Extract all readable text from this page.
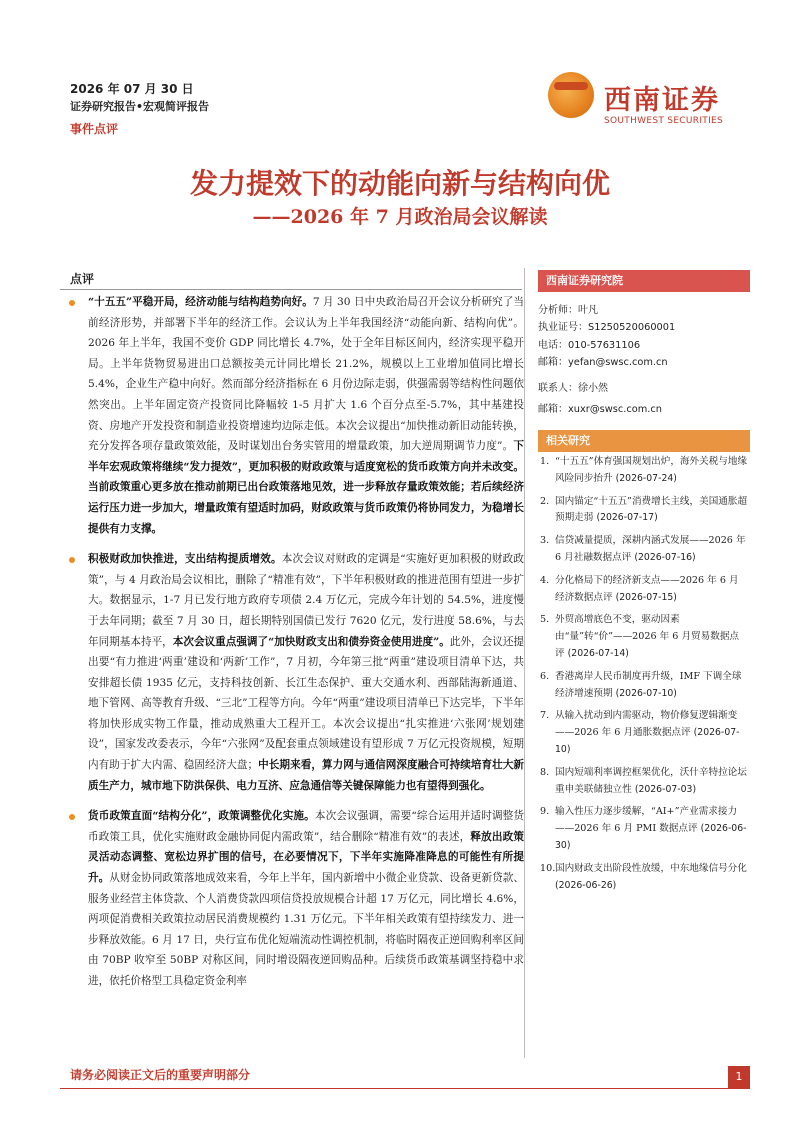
2026 年 07 月 30 日
证券研究报告•宏观简评报告
事件点评
西南证券
SOUTHWEST SECURITIES
发力提效下的动能向新与结构向优
——2026 年 7 月政治局会议解读
点评
“十五五”平稳开局，经济动能与结构趋势向好。7 月 30 日中央政治局召开会议分析研究了当前经济形势，并部署下半年的经济工作。会议认为上半年我国经济“动能向新、结构向优”。2026 年上半年，我国不变价 GDP 同比增长 4.7%，处于全年目标区间内，经济实现平稳开局。上半年货物贸易进出口总额按美元计同比增长 21.2%，规模以上工业增加值同比增长 5.4%，企业生产稳中向好。然而部分经济指标在 6 月份边际走弱，供强需弱等结构性问题依然突出。上半年固定资产投资同比降幅较 1-5 月扩大 1.6 个百分点至-5.7%，其中基建投资、房地产开发投资和制造业投资增速均边际走低。本次会议提出“加快推动新旧动能转换，充分发挥各项存量政策效能，及时谋划出台务实管用的增量政策，加大逆周期调节力度”。下半年宏观政策将继续“发力提效”，更加积极的财政政策与适度宽松的货币政策方向并未改变。当前政策重心更多放在推动前期已出台政策落地见效，进一步释放存量政策效能；若后续经济运行压力进一步加大，增量政策有望适时加码，财政政策与货币政策仍将协同发力，为稳增长提供有力支撑。
积极财政加快推进，支出结构提质增效。本次会议对财政的定调是“实施好更加积极的财政政策”，与 4 月政治局会议相比，删除了“精准有效”，下半年积极财政的推进范围有望进一步扩大。数据显示，1-7 月已发行地方政府专项债 2.4 万亿元，完成今年计划的 54.5%，进度慢于去年同期；截至 7 月 30 日，超长期特别国债已发行 7620 亿元，发行进度 58.6%，与去年同期基本持平，本次会议重点强调了“加快财政支出和债券资金使用进度”。此外，会议还提出要“有力推进‘两重’建设和‘两新’工作”，7 月初，今年第三批“两重”建设项目清单下达，共安排超长债 1935 亿元，支持科技创新、长江生态保护、重大交通水利、西部陆海新通道、地下管网、高等教育升级、“三北”工程等方向。今年“两重”建设项目清单已下达完毕，下半年将加快形成实物工作量，推动成熟重大工程开工。本次会议提出“扎实推进‘六张网’规划建设”，国家发改委表示，今年“六张网”及配套重点领域建设有望形成 7 万亿元投资规模，短期内有助于扩大内需、稳固经济大盘；中长期来看，算力网与通信网深度融合可持续培育壮大新质生产力，城市地下防洪保供、电力互济、应急通信等关键保障能力也有望得到强化。
货币政策直面“结构分化”，政策调整优化实施。本次会议强调，需要“综合运用并适时调整货币政策工具，优化实施财政金融协同促内需政策”，结合删除“精准有效”的表述，释放出政策灵活动态调整、宽松边界扩围的信号，在必要情况下，下半年实施降准降息的可能性有所提升。从财金协同政策落地成效来看，今年上半年，国内新增中小微企业贷款、设备更新贷款、服务业经营主体贷款、个人消费贷款四项信贷投放规模合计超 17 万亿元，同比增长 4.6%，两项促消费相关政策拉动居民消费规模约 1.31 万亿元。下半年相关政策有望持续发力、进一步释放效能。6 月 17 日，央行宣布优化短端流动性调控机制，将临时隔夜正逆回购利率区间由 70BP 收窄至 50BP 对称区间，同时增设隔夜逆回购品种。后续货币政策基调坚持稳中求进，依托价格型工具稳定资金利率
西南证券研究院
分析师：叶凡
执业证号：S1250520060001
电话：010-57631106
邮箱：yefan@swsc.com.cn
联系人：徐小然
邮箱：xuxr@swsc.com.cn
相关研究
1. “十五五”体育强国规划出炉，海外关税与地缘风险同步抬升 (2026-07-24)
2. 国内锚定“十五五”消费增长主线，美国通胀超预期走弱 (2026-07-17)
3. 信贷减量提质，深耕内涵式发展——2026 年 6 月社融数据点评 (2026-07-16)
4. 分化格局下的经济新支点——2026 年 6 月经济数据点评 (2026-07-15)
5. 外贸高增底色不变，驱动因素由“量”转“价”——2026 年 6 月贸易数据点评 (2026-07-14)
6. 香港离岸人民币制度再升级，IMF 下调全球经济增速预期 (2026-07-10)
7. 从输入扰动到内需驱动，物价修复逻辑渐变——2026 年 6 月通胀数据点评 (2026-07-10)
8. 国内短端利率调控框架优化，沃什辛特拉论坛重申美联储独立性 (2026-07-03)
9. 输入性压力逐步缓解，“AI+”产业需求接力——2026 年 6 月 PMI 数据点评 (2026-06-30)
10. 国内财政支出阶段性放缓，中东地缘信号分化 (2026-06-26)
请务必阅读正文后的重要声明部分	1
